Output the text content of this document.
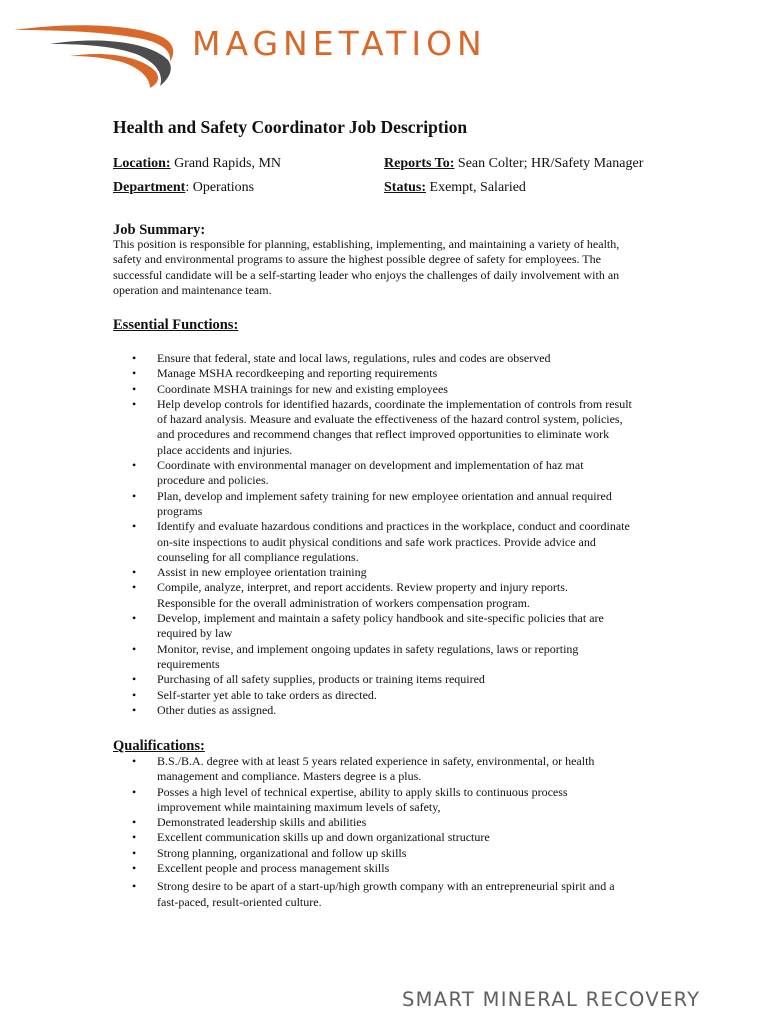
MAGNETATION
Health and Safety Coordinator Job Description
Location: Grand Rapids, MN	Reports To: Sean Colter; HR/Safety Manager
Department: Operations	Status: Exempt, Salaried
Job Summary:
This position is responsible for planning, establishing, implementing, and maintaining a variety of health,
safety and environmental programs to assure the highest possible degree of safety for employees. The
successful candidate will be a self-starting leader who enjoys the challenges of daily involvement with an
operation and maintenance team.
Essential Functions:
• Ensure that federal, state and local laws, regulations, rules and codes are observed
• Manage MSHA recordkeeping and reporting requirements
• Coordinate MSHA trainings for new and existing employees
• Help develop controls for identified hazards, coordinate the implementation of controls from result
of hazard analysis. Measure and evaluate the effectiveness of the hazard control system, policies,
and procedures and recommend changes that reflect improved opportunities to eliminate work
place accidents and injuries.
• Coordinate with environmental manager on development and implementation of haz mat
procedure and policies.
• Plan, develop and implement safety training for new employee orientation and annual required
programs
• Identify and evaluate hazardous conditions and practices in the workplace, conduct and coordinate
on-site inspections to audit physical conditions and safe work practices. Provide advice and
counseling for all compliance regulations.
• Assist in new employee orientation training
• Compile, analyze, interpret, and report accidents. Review property and injury reports.
Responsible for the overall administration of workers compensation program.
• Develop, implement and maintain a safety policy handbook and site-specific policies that are
required by law
• Monitor, revise, and implement ongoing updates in safety regulations, laws or reporting
requirements
• Purchasing of all safety supplies, products or training items required
• Self-starter yet able to take orders as directed.
• Other duties as assigned.
Qualifications:
• B.S./B.A. degree with at least 5 years related experience in safety, environmental, or health
management and compliance. Masters degree is a plus.
• Posses a high level of technical expertise, ability to apply skills to continuous process
improvement while maintaining maximum levels of safety,
• Demonstrated leadership skills and abilities
• Excellent communication skills up and down organizational structure
• Strong planning, organizational and follow up skills
• Excellent people and process management skills
• Strong desire to be apart of a start-up/high growth company with an entrepreneurial spirit and a
fast-paced, result-oriented culture.
SMART MINERAL RECOVERY
